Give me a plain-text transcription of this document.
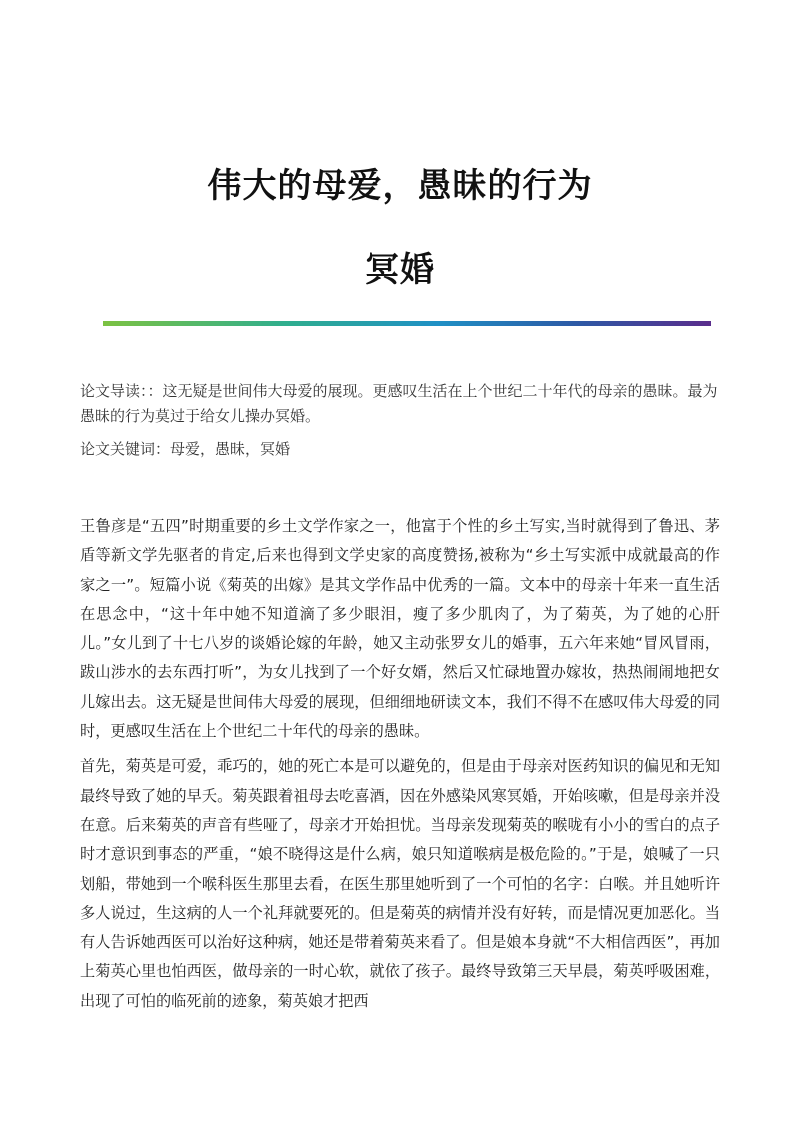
伟大的母爱，愚昧的行为
冥婚

论文导读：：这无疑是世间伟大母爱的展现。更感叹生活在上个世纪二十年代的母亲的愚昧。最为愚昧的行为莫过于给女儿操办冥婚。

论文关键词：母爱，愚昧，冥婚

王鲁彦是“五四”时期重要的乡土文学作家之一，他富于个性的乡土写实,当时就得到了鲁迅、茅盾等新文学先驱者的肯定,后来也得到文学史家的高度赞扬,被称为“乡土写实派中成就最高的作家之一”。短篇小说《菊英的出嫁》是其文学作品中优秀的一篇。文本中的母亲十年来一直生活在思念中，“这十年中她不知道滴了多少眼泪，瘦了多少肌肉了，为了菊英，为了她的心肝儿。”女儿到了十七八岁的谈婚论嫁的年龄，她又主动张罗女儿的婚事，五六年来她“冒风冒雨，跋山涉水的去东西打听”，为女儿找到了一个好女婿，然后又忙碌地置办嫁妆，热热闹闹地把女儿嫁出去。这无疑是世间伟大母爱的展现，但细细地研读文本，我们不得不在感叹伟大母爱的同时，更感叹生活在上个世纪二十年代的母亲的愚昧。

首先，菊英是可爱，乖巧的，她的死亡本是可以避免的，但是由于母亲对医药知识的偏见和无知最终导致了她的早夭。菊英跟着祖母去吃喜酒，因在外感染风寒冥婚，开始咳嗽，但是母亲并没在意。后来菊英的声音有些哑了，母亲才开始担忧。当母亲发现菊英的喉咙有小小的雪白的点子时才意识到事态的严重，“娘不晓得这是什么病，娘只知道喉病是极危险的。”于是，娘喊了一只划船，带她到一个喉科医生那里去看，在医生那里她听到了一个可怕的名字：白喉。并且她听许多人说过，生这病的人一个礼拜就要死的。但是菊英的病情并没有好转，而是情况更加恶化。当有人告诉她西医可以治好这种病，她还是带着菊英来看了。但是娘本身就“不大相信西医”，再加上菊英心里也怕西医，做母亲的一时心软，就依了孩子。最终导致第三天早晨，菊英呼吸困难，出现了可怕的临死前的迹象，菊英娘才把西
